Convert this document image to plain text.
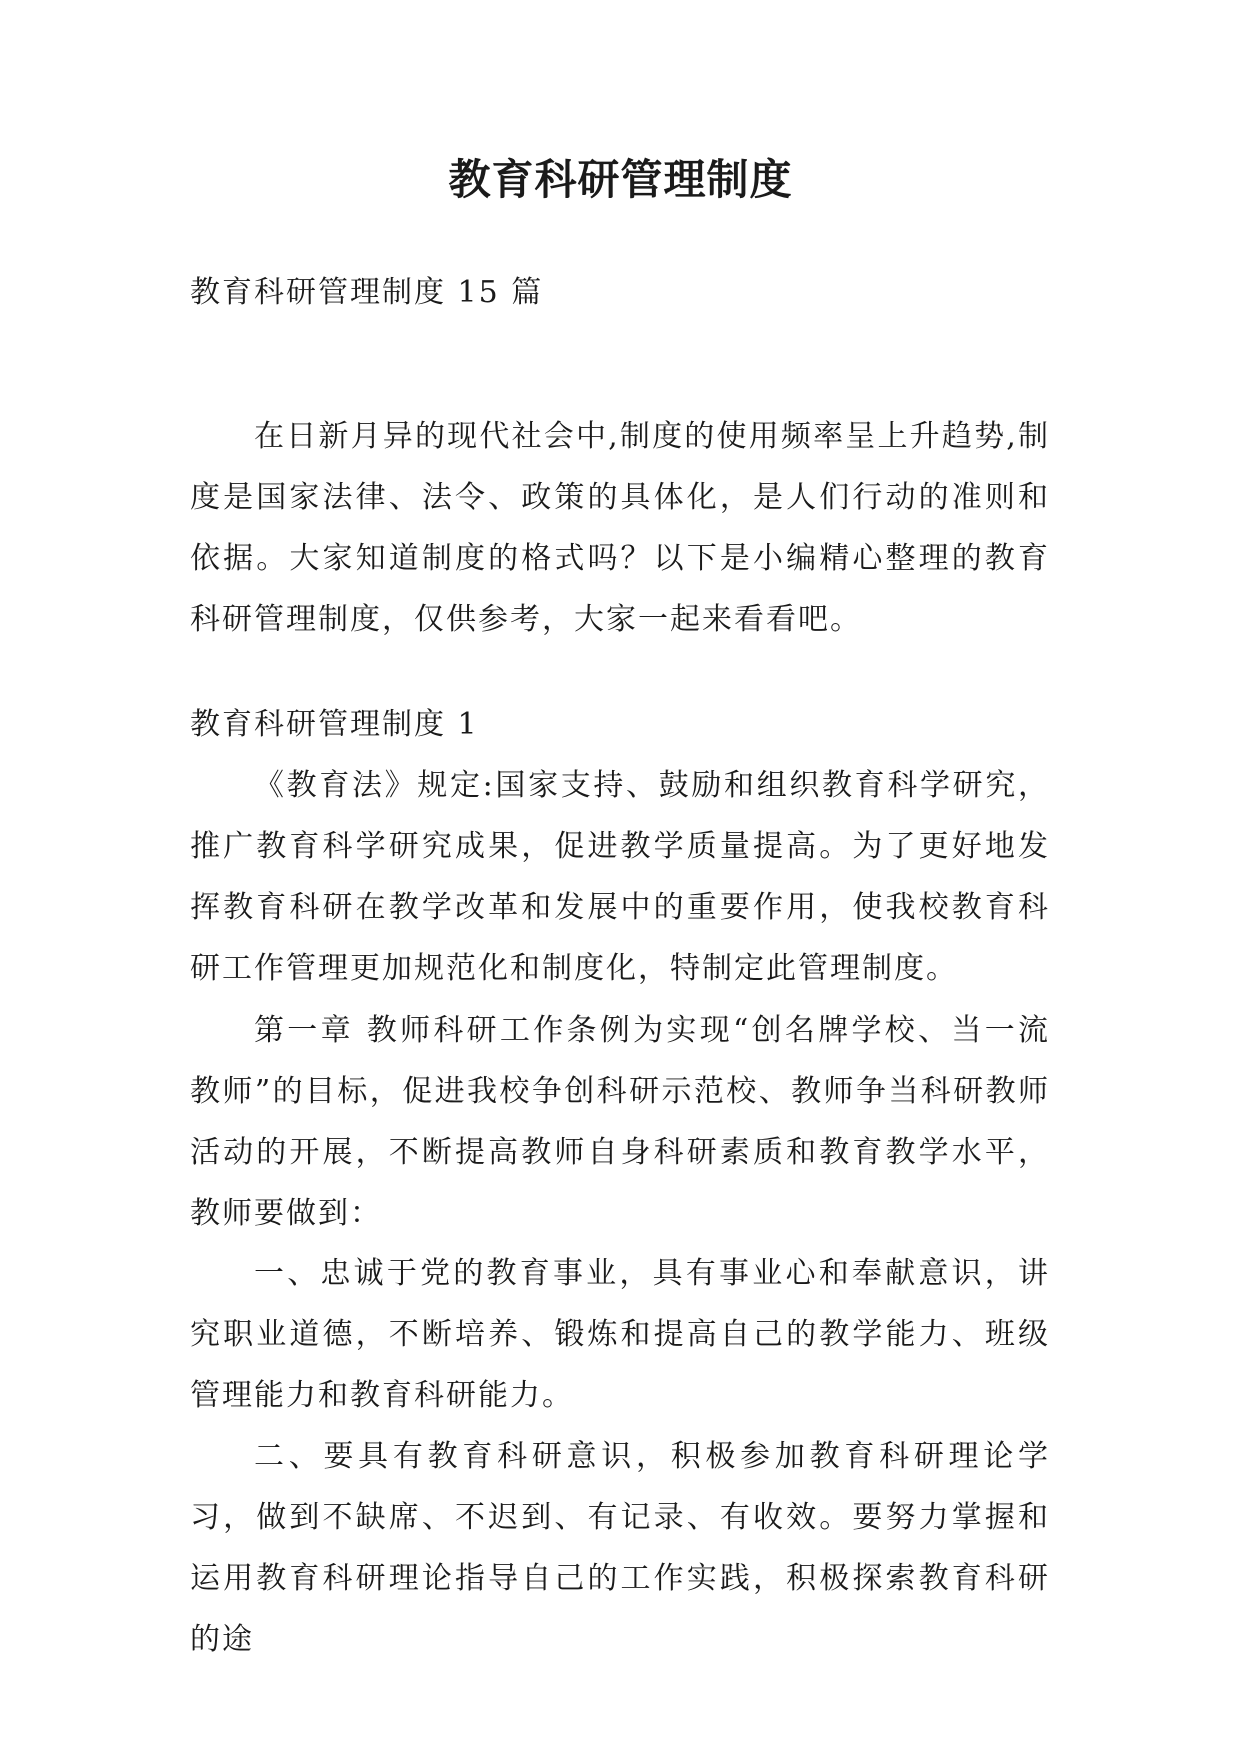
教育科研管理制度

教育科研管理制度 15 篇

在日新月异的现代社会中,制度的使用频率呈上升趋势,制度是国家法律、法令、政策的具体化，是人们行动的准则和依据。大家知道制度的格式吗？以下是小编精心整理的教育科研管理制度，仅供参考，大家一起来看看吧。

教育科研管理制度 1

《教育法》规定:国家支持、鼓励和组织教育科学研究，推广教育科学研究成果，促进教学质量提高。为了更好地发挥教育科研在教学改革和发展中的重要作用，使我校教育科研工作管理更加规范化和制度化，特制定此管理制度。

第一章 教师科研工作条例为实现“创名牌学校、当一流教师”的目标，促进我校争创科研示范校、教师争当科研教师活动的开展，不断提高教师自身科研素质和教育教学水平，教师要做到：

一、忠诚于党的教育事业，具有事业心和奉献意识，讲究职业道德，不断培养、锻炼和提高自己的教学能力、班级管理能力和教育科研能力。

二、要具有教育科研意识，积极参加教育科研理论学习，做到不缺席、不迟到、有记录、有收效。要努力掌握和运用教育科研理论指导自己的工作实践，积极探索教育科研的途
